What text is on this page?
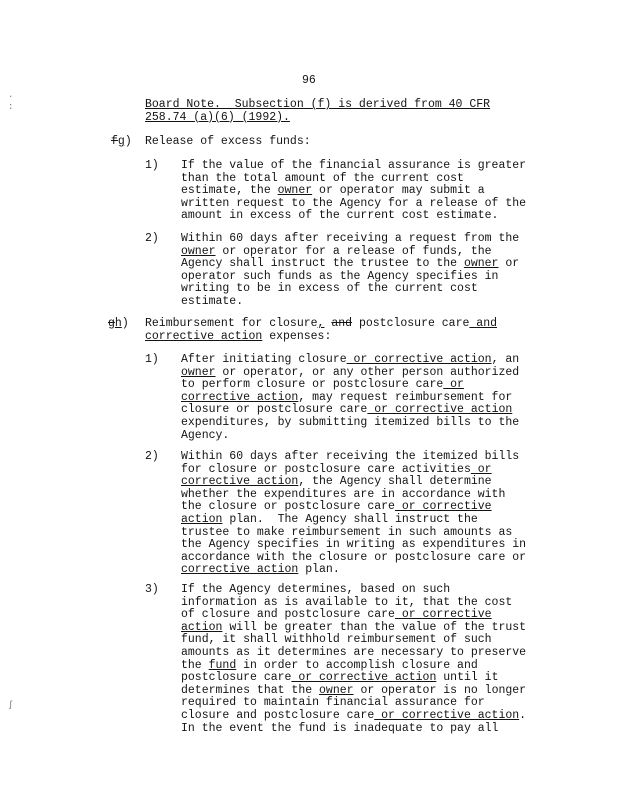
96
Board Note.  Subsection (f) is derived from 40 CFR
258.74 (a)(6) (1992).
fg) Release of excess funds:
1) If the value of the financial assurance is greater
than the total amount of the current cost
estimate, the owner or operator may submit a
written request to the Agency for a release of the
amount in excess of the current cost estimate.
2) Within 60 days after receiving a request from the
owner or operator for a release of funds, the
Agency shall instruct the trustee to the owner or
operator such funds as the Agency specifies in
writing to be in excess of the current cost
estimate.
gh) Reimbursement for closure, and postclosure care and
corrective action expenses:
1) After initiating closure or corrective action, an
owner or operator, or any other person authorized
to perform closure or postclosure care or
corrective action, may request reimbursement for
closure or postclosure care or corrective action
expenditures, by submitting itemized bills to the
Agency.
2) Within 60 days after receiving the itemized bills
for closure or postclosure care activities or
corrective action, the Agency shall determine
whether the expenditures are in accordance with
the closure or postclosure care or corrective
action plan.  The Agency shall instruct the
trustee to make reimbursement in such amounts as
the Agency specifies in writing as expenditures in
accordance with the closure or postclosure care or
corrective action plan.
3) If the Agency determines, based on such
information as is available to it, that the cost
of closure and postclosure care or corrective
action will be greater than the value of the trust
fund, it shall withhold reimbursement of such
amounts as it determines are necessary to preserve
the fund in order to accomplish closure and
postclosure care or corrective action until it
determines that the owner or operator is no longer
required to maintain financial assurance for
closure and postclosure care or corrective action.
In the event the fund is inadequate to pay all
·
:
ʃ
